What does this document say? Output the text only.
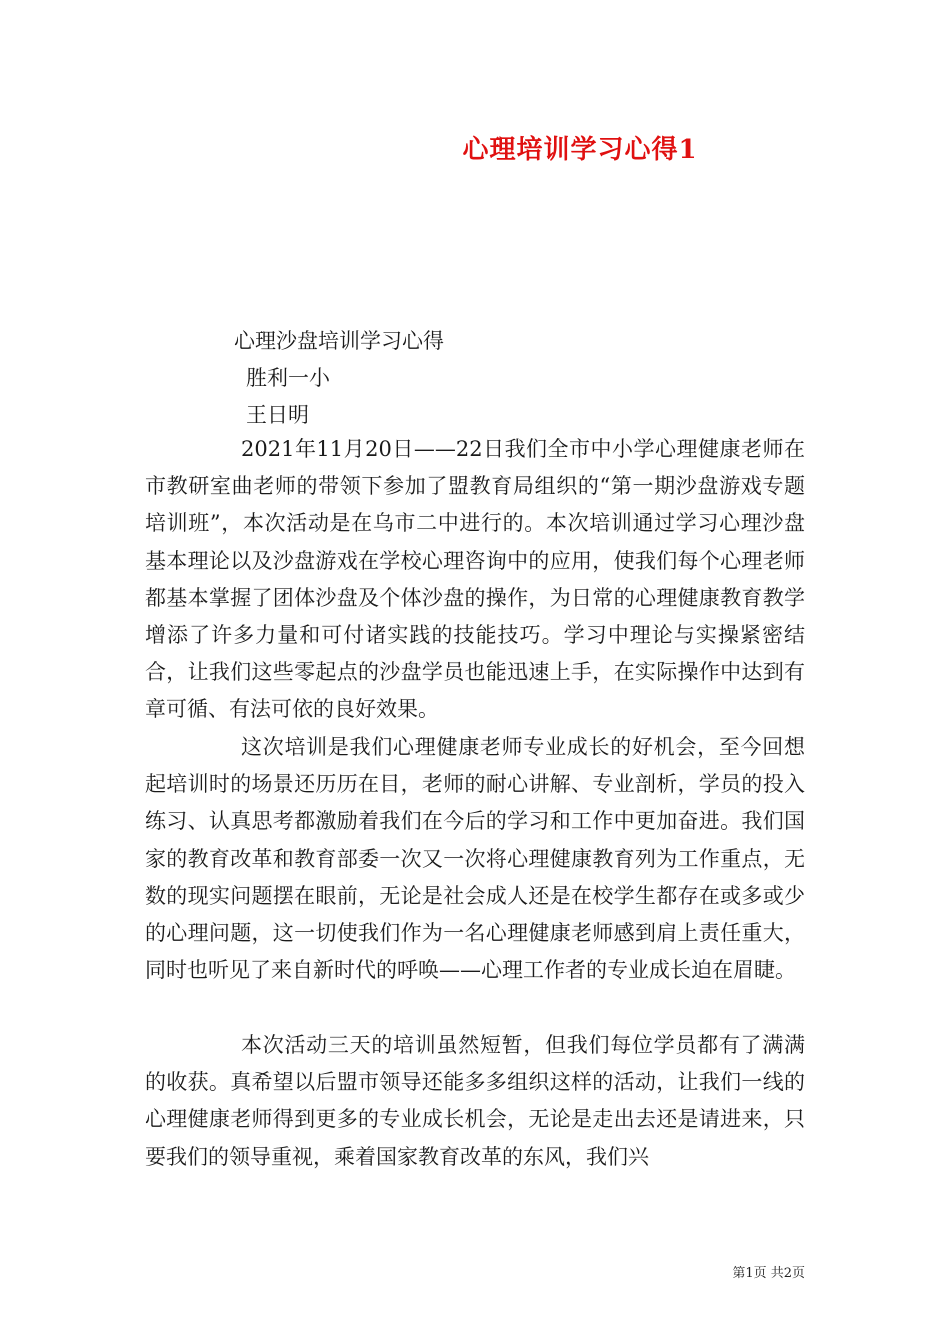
心理培训学习心得1
心理沙盘培训学习心得
胜利一小
王日明

2021年11月20日——22日我们全市中小学心理健康老师在市教研室曲老师的带领下参加了盟教育局组织的“第一期沙盘游戏专题培训班”，本次活动是在乌市二中进行的。本次培训通过学习心理沙盘基本理论以及沙盘游戏在学校心理咨询中的应用，使我们每个心理老师都基本掌握了团体沙盘及个体沙盘的操作，为日常的心理健康教育教学增添了许多力量和可付诸实践的技能技巧。学习中理论与实操紧密结合，让我们这些零起点的沙盘学员也能迅速上手，在实际操作中达到有章可循、有法可依的良好效果。

这次培训是我们心理健康老师专业成长的好机会，至今回想起培训时的场景还历历在目，老师的耐心讲解、专业剖析，学员的投入练习、认真思考都激励着我们在今后的学习和工作中更加奋进。我们国家的教育改革和教育部委一次又一次将心理健康教育列为工作重点，无数的现实问题摆在眼前，无论是社会成人还是在校学生都存在或多或少的心理问题，这一切使我们作为一名心理健康老师感到肩上责任重大，同时也听见了来自新时代的呼唤——心理工作者的专业成长迫在眉睫。

本次活动三天的培训虽然短暂，但我们每位学员都有了满满的收获。真希望以后盟市领导还能多多组织这样的活动，让我们一线的心理健康老师得到更多的专业成长机会，无论是走出去还是请进来，只要我们的领导重视，乘着国家教育改革的东风，我们兴

第1页 共2页
